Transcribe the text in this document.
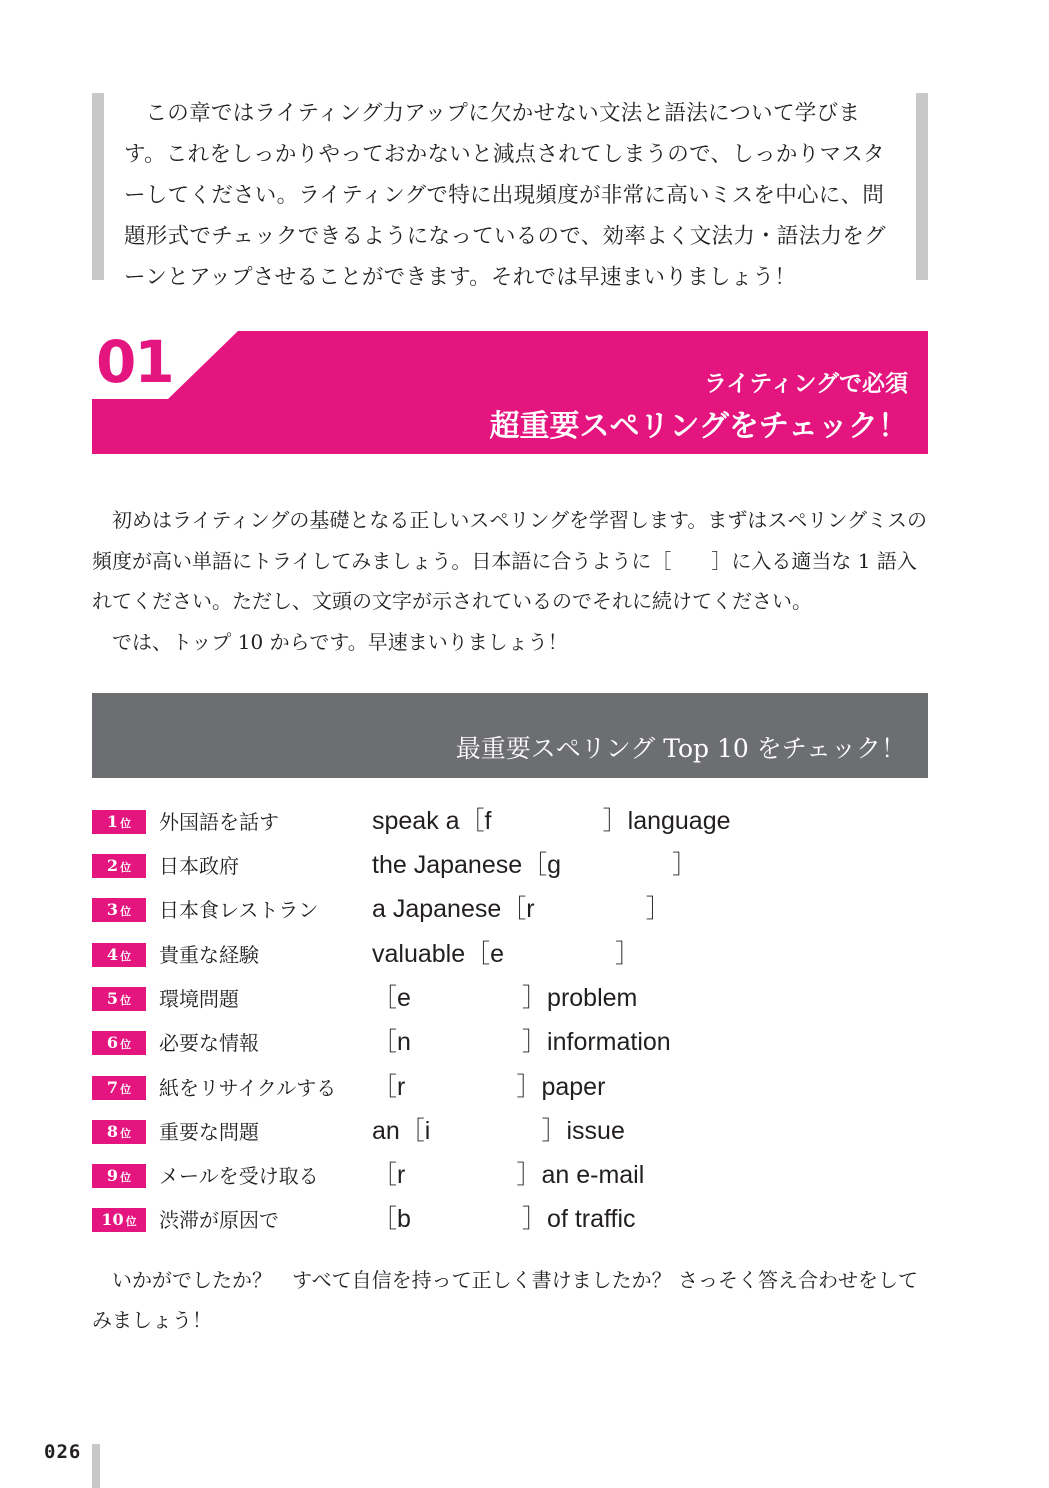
この章ではライティング力アップに欠かせない文法と語法について学びます。これをしっかりやっておかないと減点されてしまうので、しっかりマスターしてください。ライティングで特に出現頻度が非常に高いミスを中心に、問題形式でチェックできるようになっているので、効率よく文法力・語法力をグーンとアップさせることができます。それでは早速まいりましょう！

01	ライティングで必須
超重要スペリングをチェック！

初めはライティングの基礎となる正しいスペリングを学習します。まずはスペリングミスの頻度が高い単語にトライしてみましょう。日本語に合うように［　　］に入る適当な 1 語入れてください。ただし、文頭の文字が示されているのでそれに続けてください。

では、トップ 10 からです。早速まいりましょう！

最重要スペリング Top 10 をチェック！
1 位	外国語を話す	speak a［f                ］language
2 位	日本政府	the Japanese［g                ］
3 位	日本食レストラン a Japanese［r                ］
4 位	貴重な経験	valuable［e                ］
5 位	環境問題	［e                ］problem
6 位	必要な情報	［n                ］information
7 位	紙をリサイクルする ［r                ］paper
8 位	重要な問題	an［i                ］issue
9 位	メールを受け取る ［r                ］an e-mail
10 位	渋滞が原因で	［b                ］of traffic

いかがでしたか？　すべて自信を持って正しく書けましたか？ さっそく答え合わせをしてみましょう！

026
